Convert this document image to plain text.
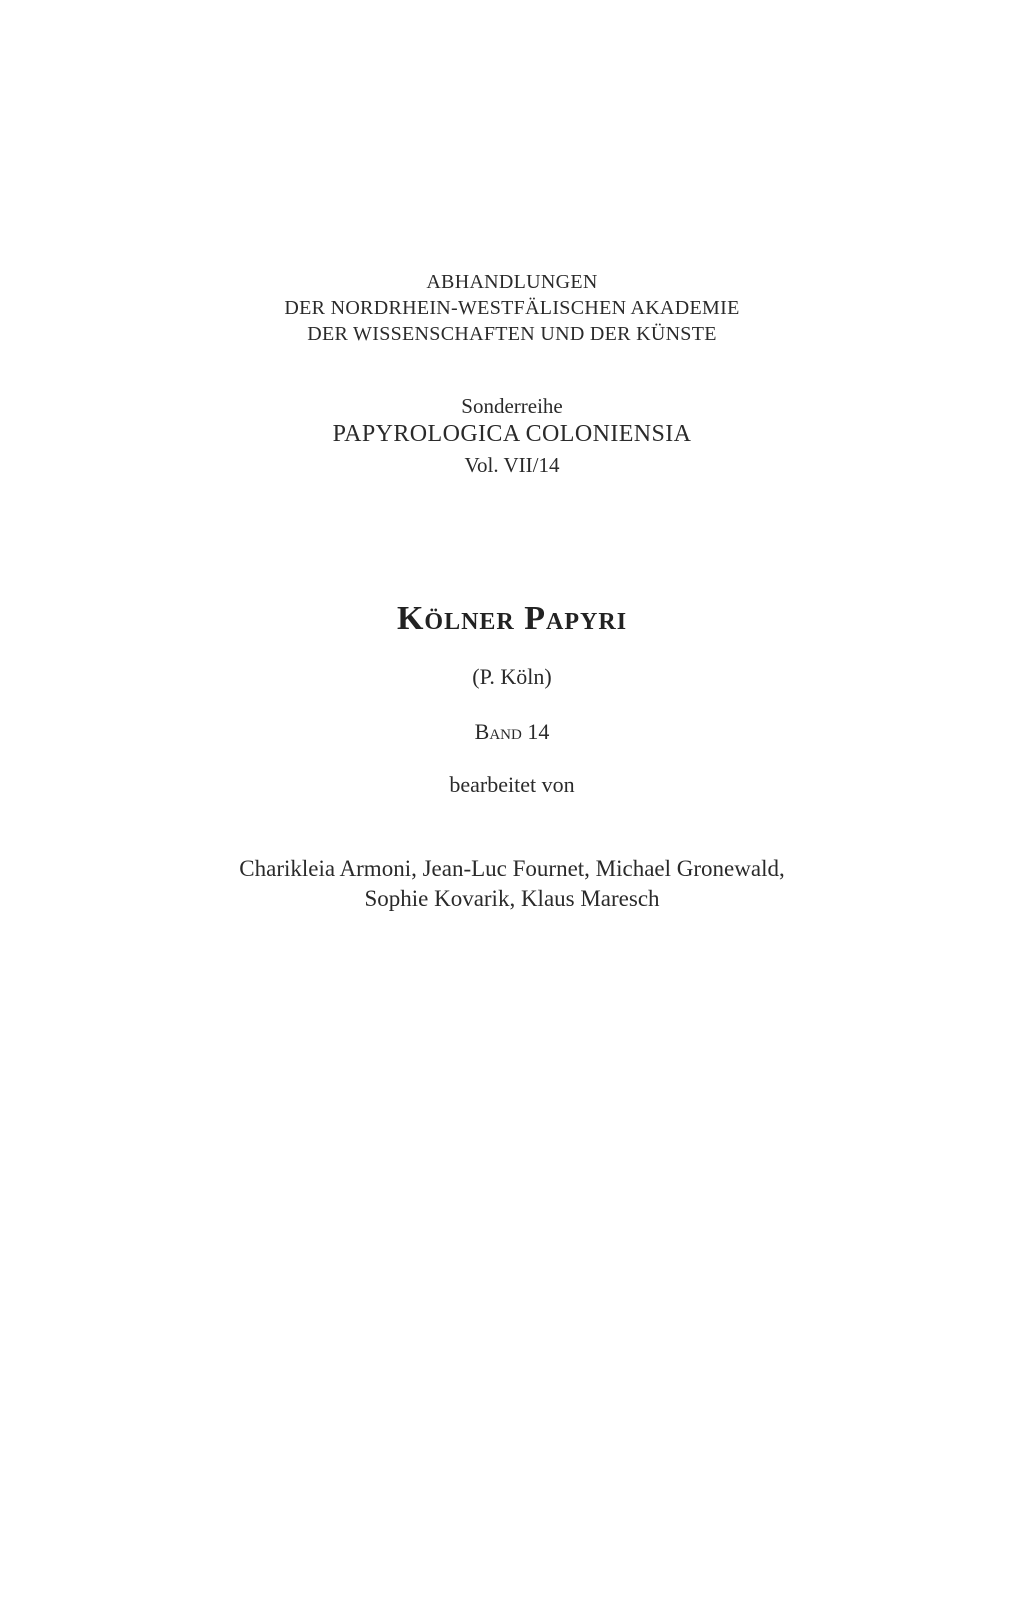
ABHANDLUNGEN
DER NORDRHEIN-WESTFÄLISCHEN AKADEMIE
DER WISSENSCHAFTEN UND DER KÜNSTE
Sonderreihe
PAPYROLOGICA COLONIENSIA
Vol. VII/14
Kölner Papyri
(P. Köln)
Band 14
bearbeitet von
Charikleia Armoni, Jean-Luc Fournet, Michael Gronewald,
Sophie Kovarik, Klaus Maresch
